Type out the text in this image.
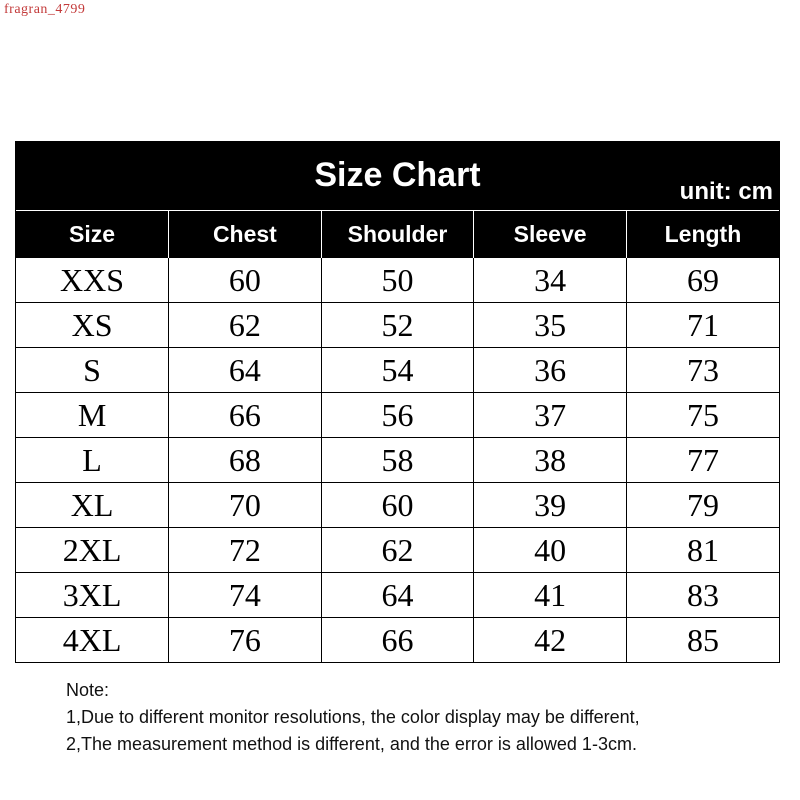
fragran_4799
Size Chart	unit: cm
Size	Chest	Shoulder	Sleeve	Length
XXS	60	50	34	69
XS	62	52	35	71
S	64	54	36	73
M	66	56	37	75
L	68	58	38	77
XL	70	60	39	79
2XL	72	62	40	81
3XL	74	64	41	83
4XL	76	66	42	85
Note:
1,Due to different monitor resolutions, the color display may be different,
2,The measurement method is different, and the error is allowed 1-3cm.
